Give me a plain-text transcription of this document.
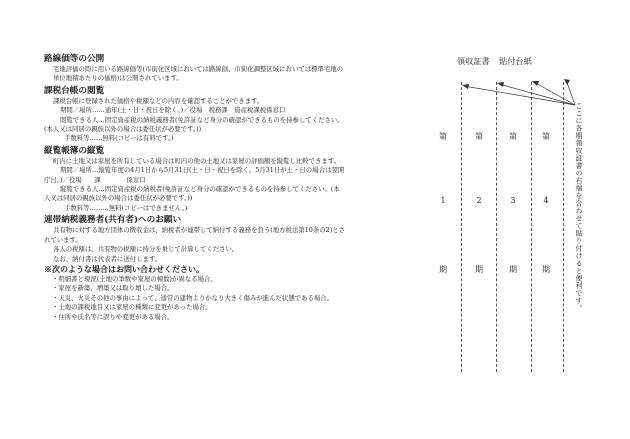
路線価等の公開
宅地評価の際に用いる路線価等(市街化区域においては路線価、市街化調整区域においては標準宅地の
単位地積あたりの価格)は公開されています。
課税台帳の閲覧
課税台帳に登録された価格や税額などの内容を確認することができます。
期間／場所……通年(土・日・祝日を除く。)／役場　税務課　資産税課税係窓口
閲覧できる人…固定資産税の納税義務者(免許証など身分の確認ができるものを持参してください。
(本人又は同居の親族以外の場合は委任状が必要です。))
手数料等……無料(コピーは有料です。)
縦覧帳簿の縦覧
町内に土地又は家屋を所有している場合は町内の他の土地又は家屋の評価額を縦覧し比較できます。
期間／場所…縦覧年度の4月1日から5月31日(土・日・祝日を除く。5月31日が土・日の場合は翌開
庁日。)／役場　　課　　　　係窓口
縦覧できる人…固定資産税の納税者(免許証など身分の確認ができるものを持参してください。(本
人又は同居の親族以外の場合は委任状が必要です。))
手数料等………無料(コピーはできません。)
連帯納税義務者(共有者)へのお願い
共有物に対する地方団体の徴収金は、納税者が連帯して納付する義務を負う(地方税法第10条の2)とさ
れています。
各人の税額は、共有物の税額に持分を乗じて計算してください。
なお、納付書は代表者に送付します。
※次のような場合はお問い合わせください。
・明細書と現況(土地の筆数や家屋の棟数)が異なる場合。
・家屋を新築、増築又は取り壊した場合。
・天災、火災その他の事由によって、通常の建物よりかなり大きく傷みが進んだ状態である場合。
・土地の課税地目又は家屋の種類に変更があった場合。
・住所や氏名等に誤りや変更がある場合。
領収証書 貼付台紙
第	第	第	第
1	2	3	4
期	期	期	期	ここに各期領収証書の右端を合わせて貼り付けると便利です。
